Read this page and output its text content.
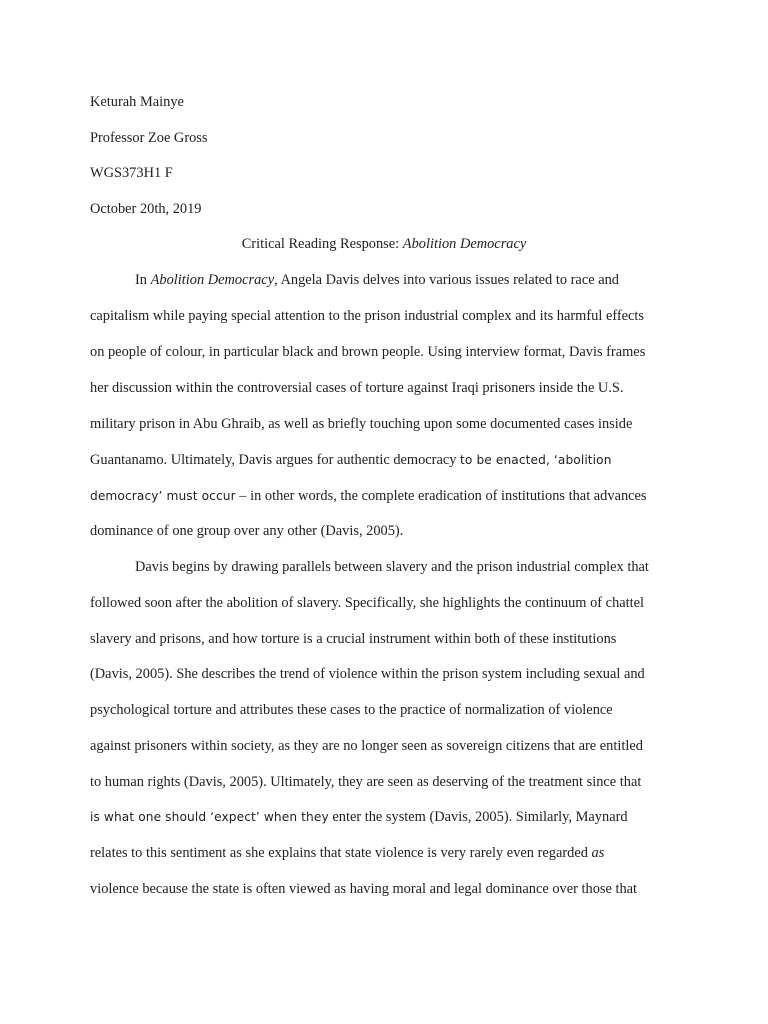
Keturah Mainye
Professor Zoe Gross
WGS373H1 F
October 20th, 2019
Critical Reading Response: Abolition Democracy
In Abolition Democracy, Angela Davis delves into various issues related to race and
capitalism while paying special attention to the prison industrial complex and its harmful effects
on people of colour, in particular black and brown people. Using interview format, Davis frames
her discussion within the controversial cases of torture against Iraqi prisoners inside the U.S.
military prison in Abu Ghraib, as well as briefly touching upon some documented cases inside
Guantanamo. Ultimately, Davis argues for authentic democracy to be enacted, ‘abolition
democracy’ must occur – in other words, the complete eradication of institutions that advances
dominance of one group over any other (Davis, 2005).
Davis begins by drawing parallels between slavery and the prison industrial complex that
followed soon after the abolition of slavery. Specifically, she highlights the continuum of chattel
slavery and prisons, and how torture is a crucial instrument within both of these institutions
(Davis, 2005). She describes the trend of violence within the prison system including sexual and
psychological torture and attributes these cases to the practice of normalization of violence
against prisoners within society, as they are no longer seen as sovereign citizens that are entitled
to human rights (Davis, 2005). Ultimately, they are seen as deserving of the treatment since that
is what one should ‘expect’ when they enter the system (Davis, 2005). Similarly, Maynard
relates to this sentiment as she explains that state violence is very rarely even regarded as
violence because the state is often viewed as having moral and legal dominance over those that
